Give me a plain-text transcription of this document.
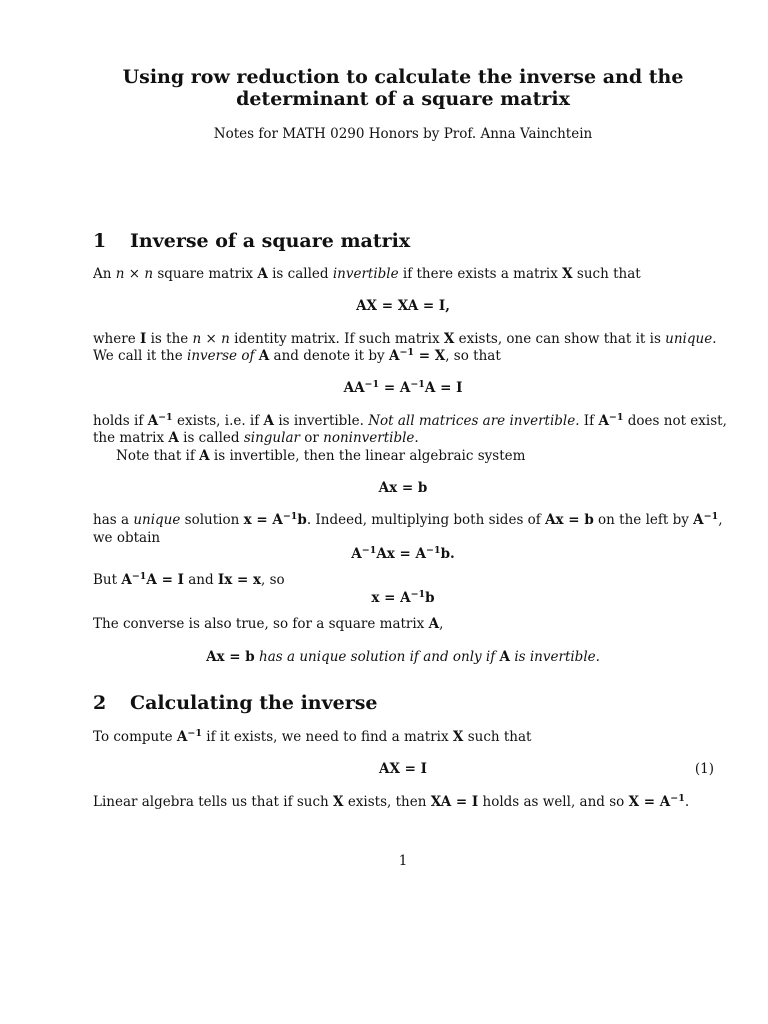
Using row reduction to calculate the inverse and the
determinant of a square matrix
Notes for MATH 0290 Honors by Prof. Anna Vainchtein
1 Inverse of a square matrix
An n × n square matrix A is called invertible if there exists a matrix X such that
AX = XA = I,
where I is the n × n identity matrix. If such matrix X exists, one can show that it is unique.
We call it the inverse of A and denote it by $A^{-1} = X$, so that
$AA^{-1} = A^{-1}A = I$
holds if $A^{-1}$ exists, i.e. if A is invertible. Not all matrices are invertible. If $A^{-1}$ does not exist,
the matrix A is called singular or noninvertible.
Note that if A is invertible, then the linear algebraic system
Ax = b
has a unique solution $x = A^{-1}b$. Indeed, multiplying both sides of Ax = b on the left by $A^{-1}$,
we obtain
$A^{-1}Ax = A^{-1}b$.
But $A^{-1}A = I$ and Ix = x, so
$x = A^{-1}b$
The converse is also true, so for a square matrix A,
Ax = b has a unique solution if and only if A is invertible.
2 Calculating the inverse
To compute $A^{-1}$ if it exists, we need to find a matrix X such that
AX = I	(1)
Linear algebra tells us that if such X exists, then XA = I holds as well, and so $X = A^{-1}$.
1
